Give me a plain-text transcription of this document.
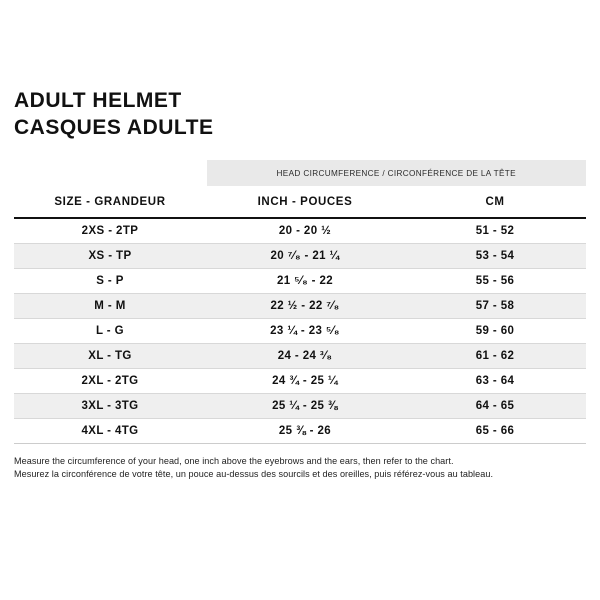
ADULT HELMET
CASQUES ADULTE
	HEAD CIRCUMFERENCE / CIRCONFÉRENCE DE LA TÊTE	
SIZE - GRANDEUR	INCH - POUCES	CM
2XS - 2TP	20 - 20 ½	51 - 52
XS - TP	20 ⁷⁄₈ - 21 ¼	53 - 54
S - P	21 ⁵⁄₈ - 22	55 - 56
M - M	22 ½ - 22 ⁷⁄₈	57 - 58
L - G	23 ¼ - 23 ⁵⁄₈	59 - 60
XL - TG	24 - 24 ³⁄₈	61 - 62
2XL - 2TG	24 ¾ - 25 ¼	63 - 64
3XL - 3TG	25 ¼ - 25 ⅜	64 - 65
4XL - 4TG	25 ⅜ - 26	65 - 66
Measure the circumference of your head, one inch above the eyebrows and the ears, then refer to the chart.
Mesurez la circonférence de votre tête, un pouce au-dessus des sourcils et des oreilles, puis référez-vous au tableau.
